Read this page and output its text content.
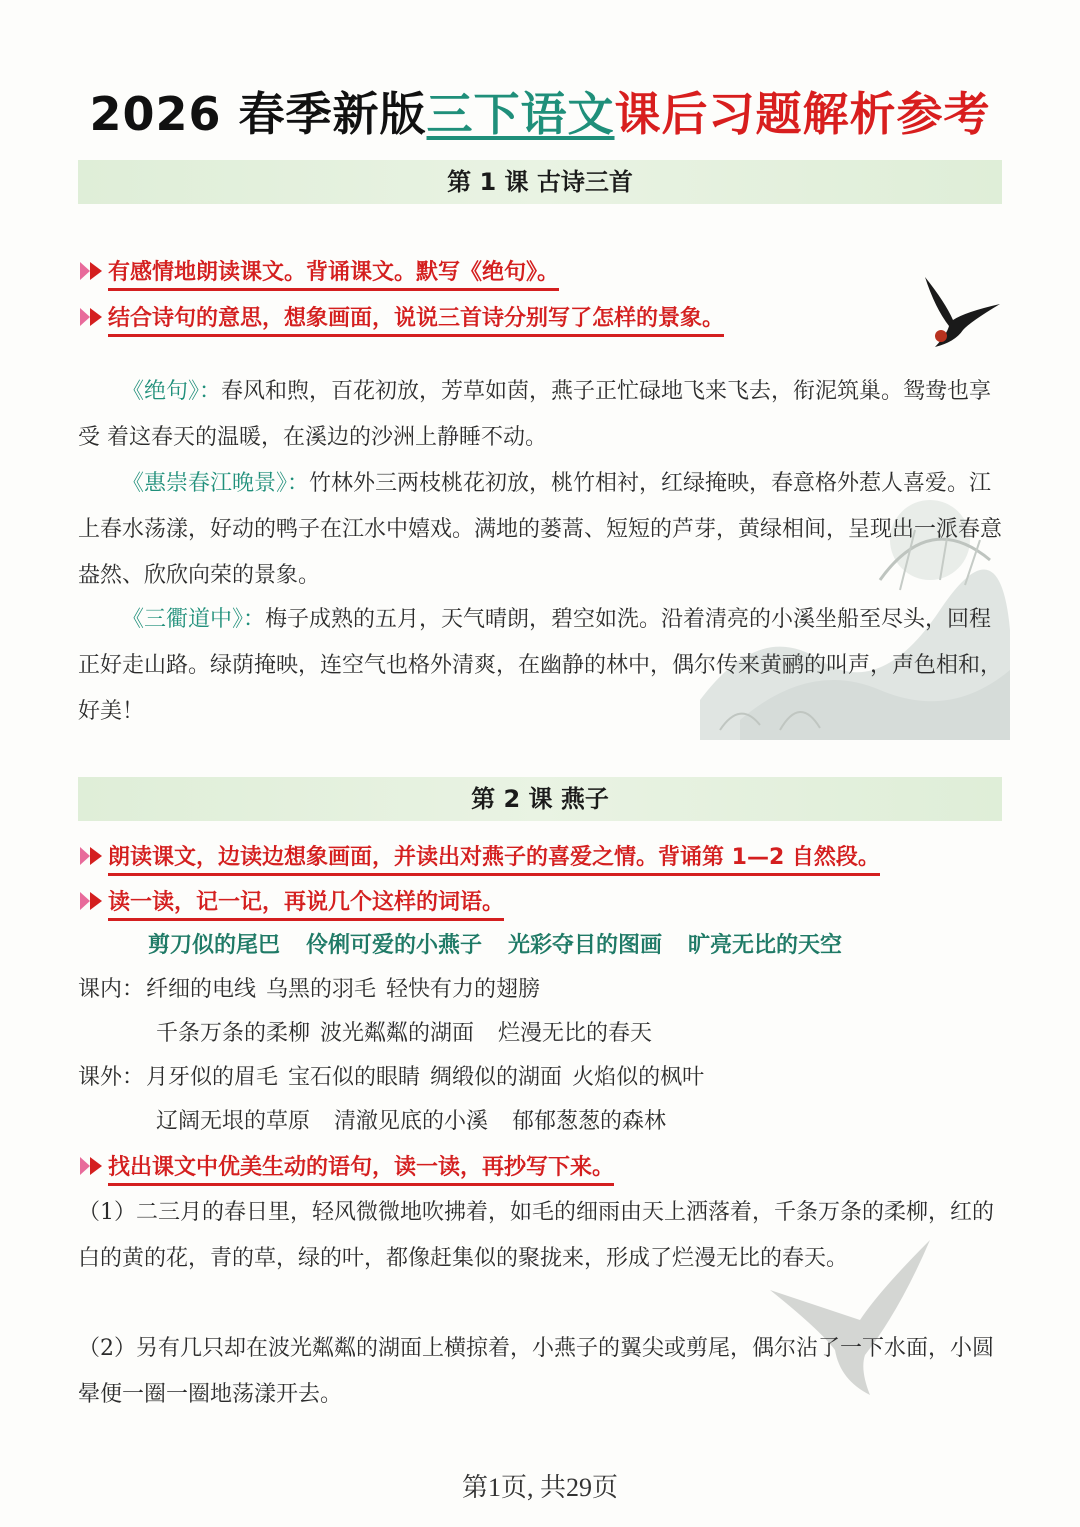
2026 春季新版三下语文课后习题解析参考
第 1 课 古诗三首
有感情地朗读课文。背诵课文。默写《绝句》。
结合诗句的意思，想象画面，说说三首诗分别写了怎样的景象。
《绝句》：春风和煦，百花初放，芳草如茵，燕子正忙碌地飞来飞去，衔泥筑巢。鸳鸯也享受 着这春天的温暖，在溪边的沙洲上静睡不动。
《惠崇春江晚景》：竹林外三两枝桃花初放，桃竹相衬，红绿掩映，春意格外惹人喜爱。江上春水荡漾，好动的鸭子在江水中嬉戏。满地的蒌蒿、短短的芦芽，黄绿相间，呈现出一派春意盎然、欣欣向荣的景象。
《三衢道中》：梅子成熟的五月，天气晴朗，碧空如洗。沿着清亮的小溪坐船至尽头，回程正好走山路。绿荫掩映，连空气也格外清爽，在幽静的林中，偶尔传来黄鹂的叫声，声色相和，好美！
第 2 课 燕子
朗读课文，边读边想象画面，并读出对燕子的喜爱之情。背诵第 1—2 自然段。
读一读，记一记，再说几个这样的词语。
剪刀似的尾巴 伶俐可爱的小燕子 光彩夺目的图画 旷亮无比的天空
课内：纤细的电线 乌黑的羽毛 轻快有力的翅膀
千条万条的柔柳 波光粼粼的湖面 烂漫无比的春天
课外：月牙似的眉毛 宝石似的眼睛 绸缎似的湖面 火焰似的枫叶
辽阔无垠的草原 清澈见底的小溪 郁郁葱葱的森林
找出课文中优美生动的语句，读一读，再抄写下来。
（1）二三月的春日里，轻风微微地吹拂着，如毛的细雨由天上洒落着，千条万条的柔柳，红的白的黄的花，青的草，绿的叶，都像赶集似的聚拢来，形成了烂漫无比的春天。
（2）另有几只却在波光粼粼的湖面上横掠着，小燕子的翼尖或剪尾，偶尔沾了一下水面，小圆晕便一圈一圈地荡漾开去。
第1页, 共29页
